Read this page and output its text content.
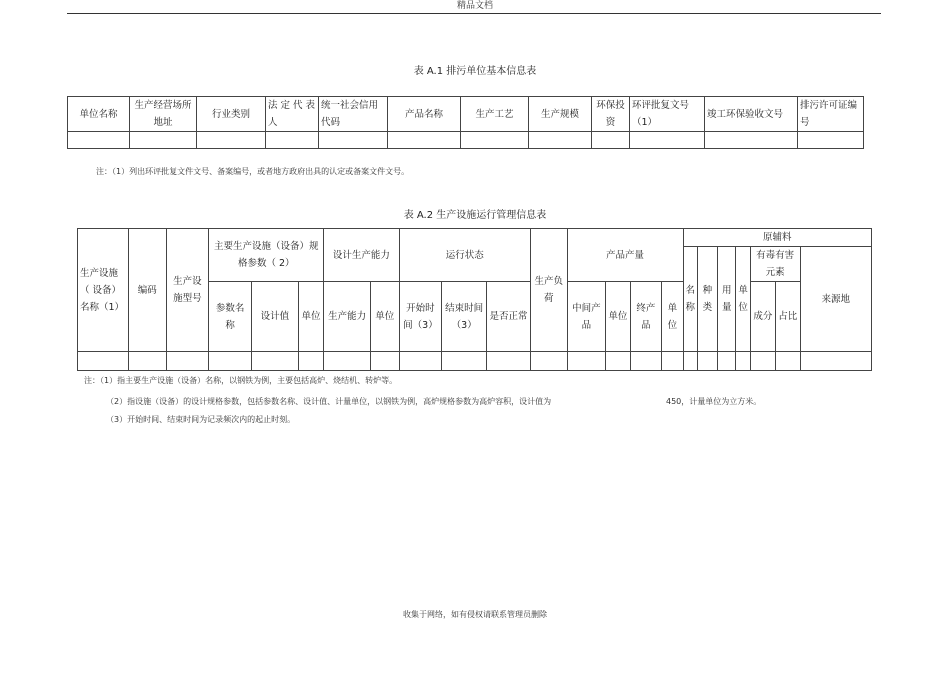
精品文档
表 A.1 排污单位基本信息表
单位名称	生产经营场所地址	行业类别	法 定 代 表人	统一社会信用代码	产品名称	生产工艺	生产规模	环保投资	环评批复文号（1）	竣工环保验收文号	排污许可证编号

注：（1）列出环评批复文件文号、备案编号，或者地方政府出具的认定或备案文件文号。
表 A.2 生产设施运行管理信息表
生产设施（ 设备）名称（1）	编码	生产设施型号	主要生产设施（设备）规格参数（ 2）			设计生产能力		运行状态			生产负荷	产品产量				原辅料						
																名称	种类	用量	单位	有毒有害元素		来源地
			参数名称	设计值	单位	生产能力	单位	开始时间（3）	结束时间（3）	是否正常		中间产品	单位	终产品	单位					成分	占比	

注：（1）指主要生产设施（设备）名称，以钢铁为例，主要包括高炉、烧结机、转炉等。
（2）指设施（设备）的设计规格参数，包括参数名称、设计值、计量单位，以钢铁为例，高炉规格参数为高炉容积，设计值为	450，计量单位为立方米。
（3）开始时间、结束时间为记录频次内的起止时刻。
收集于网络，如有侵权请联系管理员删除
